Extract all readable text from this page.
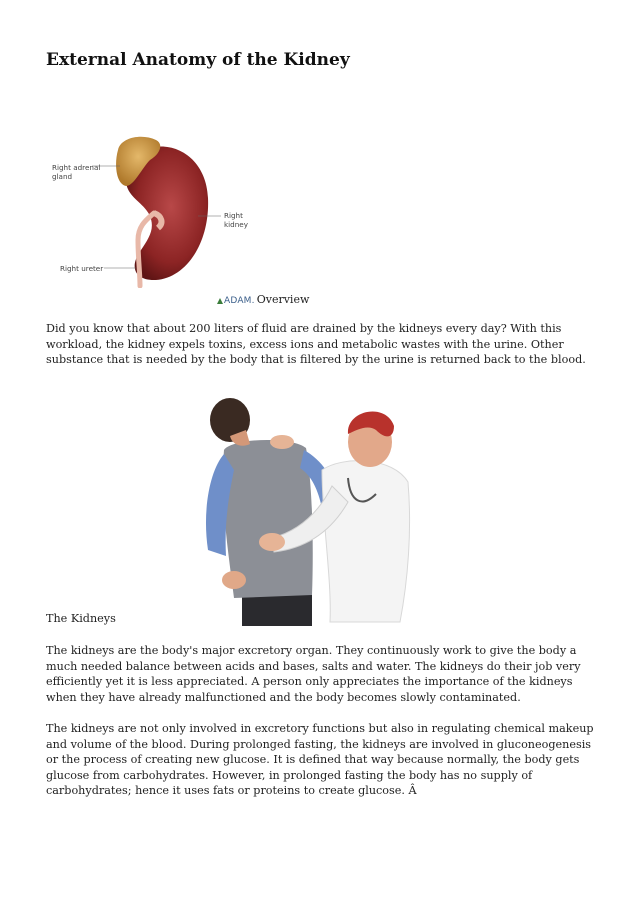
External Anatomy of the Kidney
Right adrenal gland
Right kidney
Right ureter
ADAM. Overview

Did you know that about 200 liters of fluid are drained by the kidneys every day? With this workload, the kidney expels toxins, excess ions and metabolic wastes with the urine. Other substance that is needed by the body that is filtered by the urine is returned back to the blood.

The Kidneys

The kidneys are the body's major excretory organ. They continuously work to give the body a much needed balance between acids and bases, salts and water. The kidneys do their job very efficiently yet it is less appreciated. A person only appreciates the importance of the kidneys when they have already malfunctioned and the body becomes slowly contaminated.

The kidneys are not only involved in excretory functions but also in regulating chemical makeup and volume of the blood. During prolonged fasting, the kidneys are involved in gluconeogenesis or the process of creating new glucose. It is defined that way because normally, the body gets glucose from carbohydrates. However, in prolonged fasting the body has no supply of carbohydrates; hence it uses fats or proteins to create glucose. Â
